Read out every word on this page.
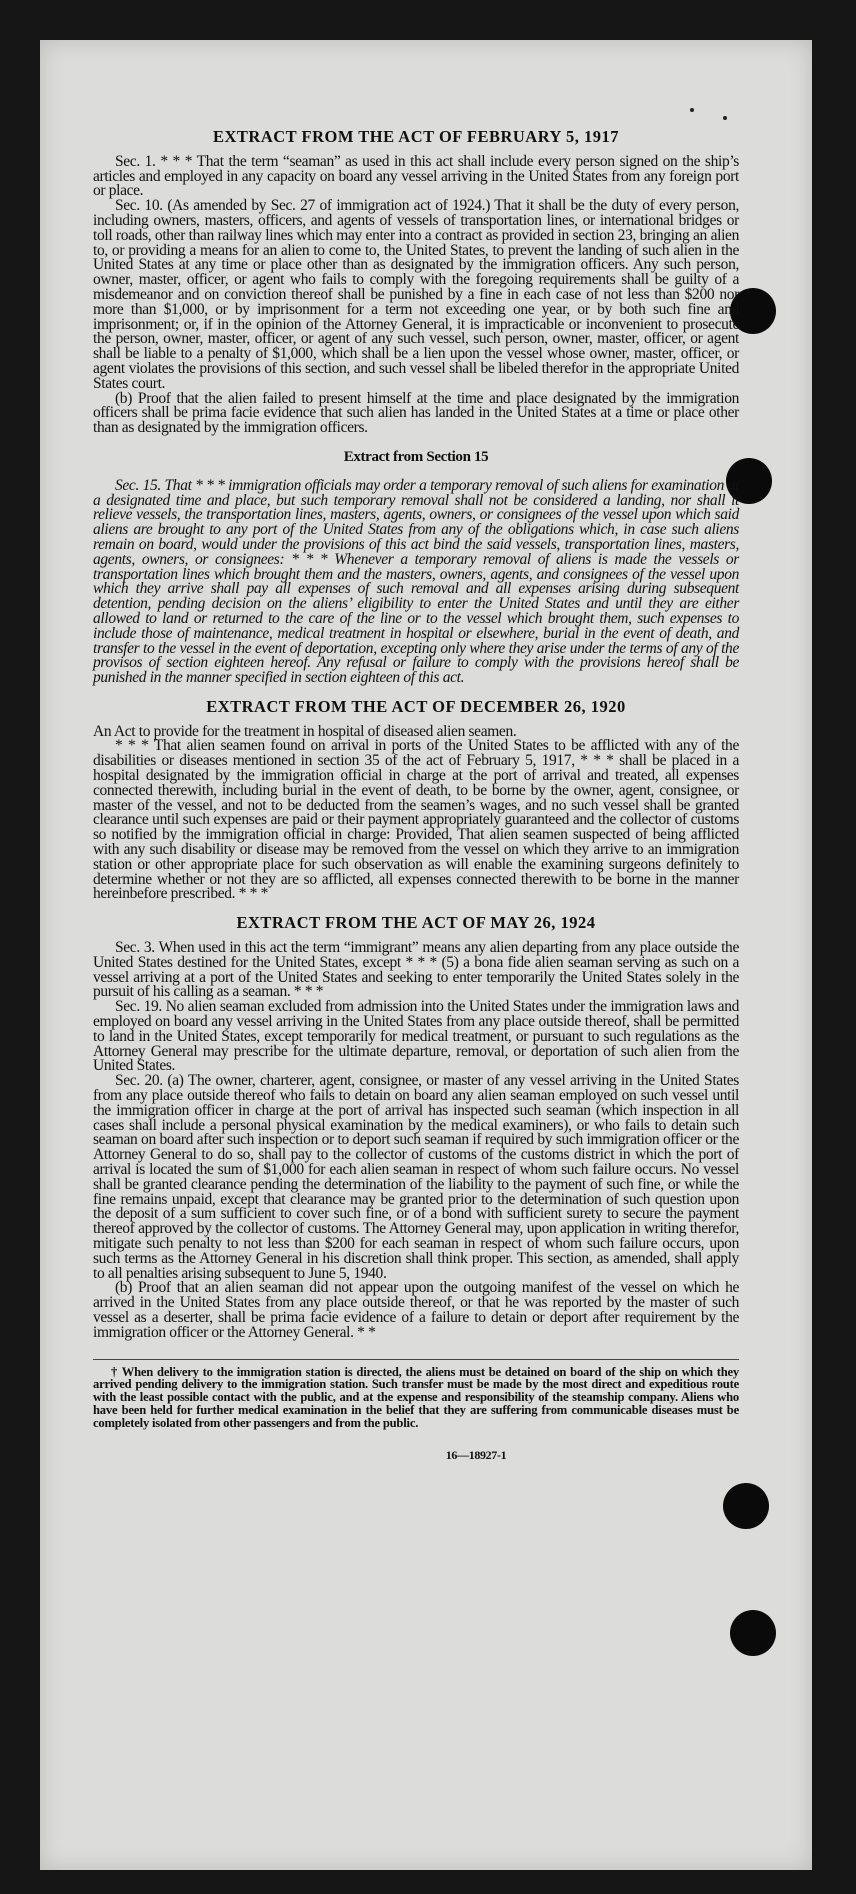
EXTRACT FROM THE ACT OF FEBRUARY 5, 1917

Sec. 1. * * * That the term “seaman” as used in this act shall include every person signed on the ship’s articles and employed in any capacity on board any vessel arriving in the United States from any foreign port or place.

Sec. 10. (As amended by Sec. 27 of immigration act of 1924.) That it shall be the duty of every person, including owners, masters, officers, and agents of vessels of transportation lines, or international bridges or toll roads, other than railway lines which may enter into a contract as provided in section 23, bringing an alien to, or providing a means for an alien to come to, the United States, to prevent the landing of such alien in the United States at any time or place other than as designated by the immigration officers. Any such person, owner, master, officer, or agent who fails to comply with the foregoing requirements shall be guilty of a misdemeanor and on conviction thereof shall be punished by a fine in each case of not less than $200 nor more than $1,000, or by imprisonment for a term not exceeding one year, or by both such fine and imprisonment; or, if in the opinion of the Attorney General, it is impracticable or inconvenient to prosecute the person, owner, master, officer, or agent of any such vessel, such person, owner, master, officer, or agent shall be liable to a penalty of $1,000, which shall be a lien upon the vessel whose owner, master, officer, or agent violates the provisions of this section, and such vessel shall be libeled therefor in the appropriate United States court.

(b) Proof that the alien failed to present himself at the time and place designated by the immigration officers shall be prima facie evidence that such alien has landed in the United States at a time or place other than as designated by the immigration officers.

Extract from Section 15

Sec. 15. That * * * immigration officials may order a temporary removal of such aliens for examination at a designated time and place, but such temporary removal shall not be considered a landing, nor shall it relieve vessels, the transportation lines, masters, agents, owners, or consignees of the vessel upon which said aliens are brought to any port of the United States from any of the obligations which, in case such aliens remain on board, would under the provisions of this act bind the said vessels, transportation lines, masters, agents, owners, or consignees: * * * Whenever a temporary removal of aliens is made the vessels or transportation lines which brought them and the masters, owners, agents, and consignees of the vessel upon which they arrive shall pay all expenses of such removal and all expenses arising during subsequent detention, pending decision on the aliens’ eligibility to enter the United States and until they are either allowed to land or returned to the care of the line or to the vessel which brought them, such expenses to include those of maintenance, medical treatment in hospital or elsewhere, burial in the event of death, and transfer to the vessel in the event of deportation, excepting only where they arise under the terms of any of the provisos of section eighteen hereof. Any refusal or failure to comply with the provisions hereof shall be punished in the manner specified in section eighteen of this act.

EXTRACT FROM THE ACT OF DECEMBER 26, 1920

An Act to provide for the treatment in hospital of diseased alien seamen.

* * * That alien seamen found on arrival in ports of the United States to be afflicted with any of the disabilities or diseases mentioned in section 35 of the act of February 5, 1917, * * * shall be placed in a hospital designated by the immigration official in charge at the port of arrival and treated, all expenses connected therewith, including burial in the event of death, to be borne by the owner, agent, consignee, or master of the vessel, and not to be deducted from the seamen’s wages, and no such vessel shall be granted clearance until such expenses are paid or their payment appropriately guaranteed and the collector of customs so notified by the immigration official in charge: Provided, That alien seamen suspected of being afflicted with any such disability or disease may be removed from the vessel on which they arrive to an immigration station or other appropriate place for such observation as will enable the examining surgeons definitely to determine whether or not they are so afflicted, all expenses connected therewith to be borne in the manner hereinbefore prescribed. * * *

EXTRACT FROM THE ACT OF MAY 26, 1924

Sec. 3. When used in this act the term “immigrant” means any alien departing from any place outside the United States destined for the United States, except * * * (5) a bona fide alien seaman serving as such on a vessel arriving at a port of the United States and seeking to enter temporarily the United States solely in the pursuit of his calling as a seaman. * * *

Sec. 19. No alien seaman excluded from admission into the United States under the immigration laws and employed on board any vessel arriving in the United States from any place outside thereof, shall be permitted to land in the United States, except temporarily for medical treatment, or pursuant to such regulations as the Attorney General may prescribe for the ultimate departure, removal, or deportation of such alien from the United States.

Sec. 20. (a) The owner, charterer, agent, consignee, or master of any vessel arriving in the United States from any place outside thereof who fails to detain on board any alien seaman employed on such vessel until the immigration officer in charge at the port of arrival has inspected such seaman (which inspection in all cases shall include a personal physical examination by the medical examiners), or who fails to detain such seaman on board after such inspection or to deport such seaman if required by such immigration officer or the Attorney General to do so, shall pay to the collector of customs of the customs district in which the port of arrival is located the sum of $1,000 for each alien seaman in respect of whom such failure occurs. No vessel shall be granted clearance pending the determination of the liability to the payment of such fine, or while the fine remains unpaid, except that clearance may be granted prior to the determination of such question upon the deposit of a sum sufficient to cover such fine, or of a bond with sufficient surety to secure the payment thereof approved by the collector of customs. The Attorney General may, upon application in writing therefor, mitigate such penalty to not less than $200 for each seaman in respect of whom such failure occurs, upon such terms as the Attorney General in his discretion shall think proper. This section, as amended, shall apply to all penalties arising subsequent to June 5, 1940.

(b) Proof that an alien seaman did not appear upon the outgoing manifest of the vessel on which he arrived in the United States from any place outside thereof, or that he was reported by the master of such vessel as a deserter, shall be prima facie evidence of a failure to detain or deport after requirement by the immigration officer or the Attorney General. * *

† When delivery to the immigration station is directed, the aliens must be detained on board of the ship on which they arrived pending delivery to the immigration station. Such transfer must be made by the most direct and expeditious route with the least possible contact with the public, and at the expense and responsibility of the steamship company. Aliens who have been held for further medical examination in the belief that they are suffering from communicable diseases must be completely isolated from other passengers and from the public.

16—18927-1
